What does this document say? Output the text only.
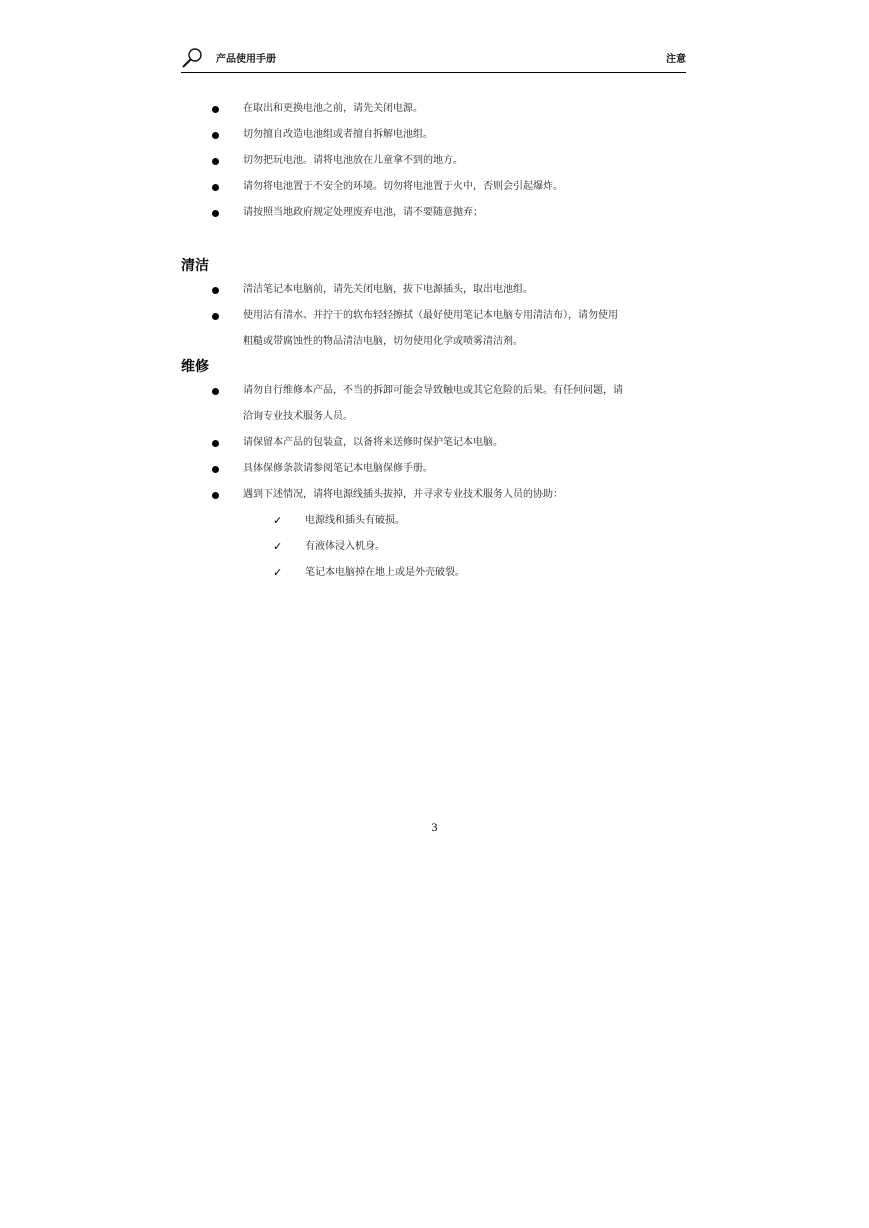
产品使用手册	注意
在取出和更换电池之前，请先关闭电源。
切勿擅自改造电池组或者擅自拆解电池组。
切勿把玩电池。请将电池放在儿童拿不到的地方。
请勿将电池置于不安全的环境。切勿将电池置于火中，否则会引起爆炸。
请按照当地政府规定处理废弃电池，请不要随意抛弃；
清洁
清洁笔记本电脑前，请先关闭电脑，拔下电源插头，取出电池组。
使用沾有清水、并拧干的软布轻轻擦拭（最好使用笔记本电脑专用清洁布），请勿使用
粗糙或带腐蚀性的物品清洁电脑，切勿使用化学或喷雾清洁剂。
维修
请勿自行维修本产品，不当的拆卸可能会导致触电或其它危险的后果。有任何问题，请
洽询专业技术服务人员。
请保留本产品的包装盒，以备将来送修时保护笔记本电脑。
具体保修条款请参阅笔记本电脑保修手册。
遇到下述情况，请将电源线插头拔掉，并寻求专业技术服务人员的协助：
✓ 电源线和插头有破损。
✓ 有液体浸入机身。
✓ 笔记本电脑掉在地上或是外壳破裂。
3
